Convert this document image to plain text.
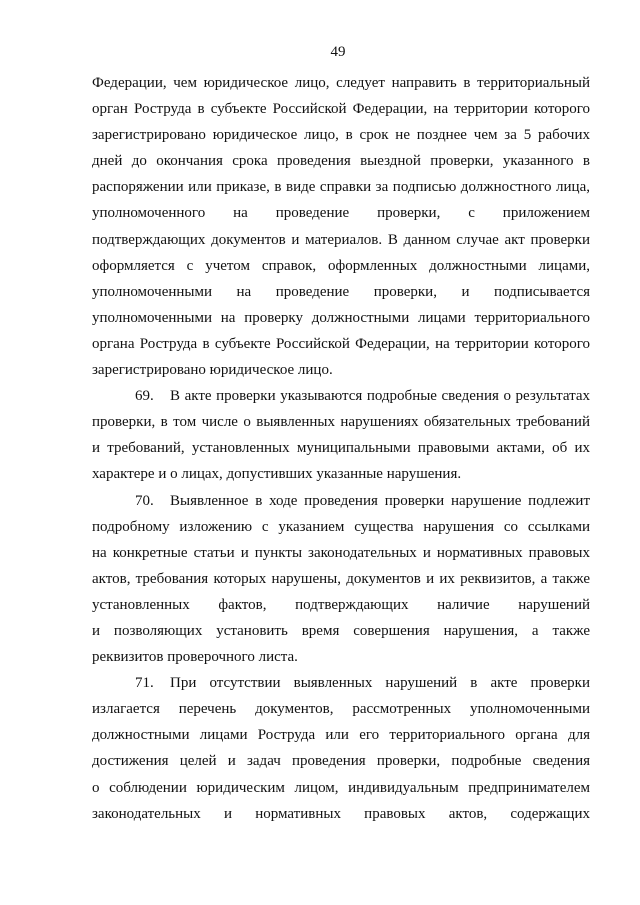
49
Федерации, чем юридическое лицо, следует направить в территориальный
орган Роструда в субъекте Российской Федерации, на территории которого
зарегистрировано юридическое лицо, в срок не позднее чем за 5 рабочих
дней до окончания срока проведения выездной проверки, указанного в
распоряжении или приказе, в виде справки за подписью должностного лица,
уполномоченного на проведение проверки, с приложением
подтверждающих документов и материалов. В данном случае акт проверки
оформляется с учетом справок, оформленных должностными лицами,
уполномоченными на проведение проверки, и подписывается
уполномоченными на проверку должностными лицами территориального
органа Роструда в субъекте Российской Федерации, на территории которого
зарегистрировано юридическое лицо.
69.	В акте проверки указываются подробные сведения о результатах
проверки, в том числе о выявленных нарушениях обязательных требований
и требований, установленных муниципальными правовыми актами, об их
характере и о лицах, допустивших указанные нарушения.
70.	Выявленное в ходе проведения проверки нарушение подлежит
подробному изложению с указанием существа нарушения со ссылками
на конкретные статьи и пункты законодательных и нормативных правовых
актов, требования которых нарушены, документов и их реквизитов, а также
установленных фактов, подтверждающих наличие нарушений
и позволяющих установить время совершения нарушения, а также
реквизитов проверочного листа.
71.	При отсутствии выявленных нарушений в акте проверки
излагается перечень документов, рассмотренных уполномоченными
должностными лицами Роструда или его территориального органа для
достижения целей и задач проведения проверки, подробные сведения
о соблюдении юридическим лицом, индивидуальным предпринимателем
законодательных и нормативных правовых актов, содержащих
